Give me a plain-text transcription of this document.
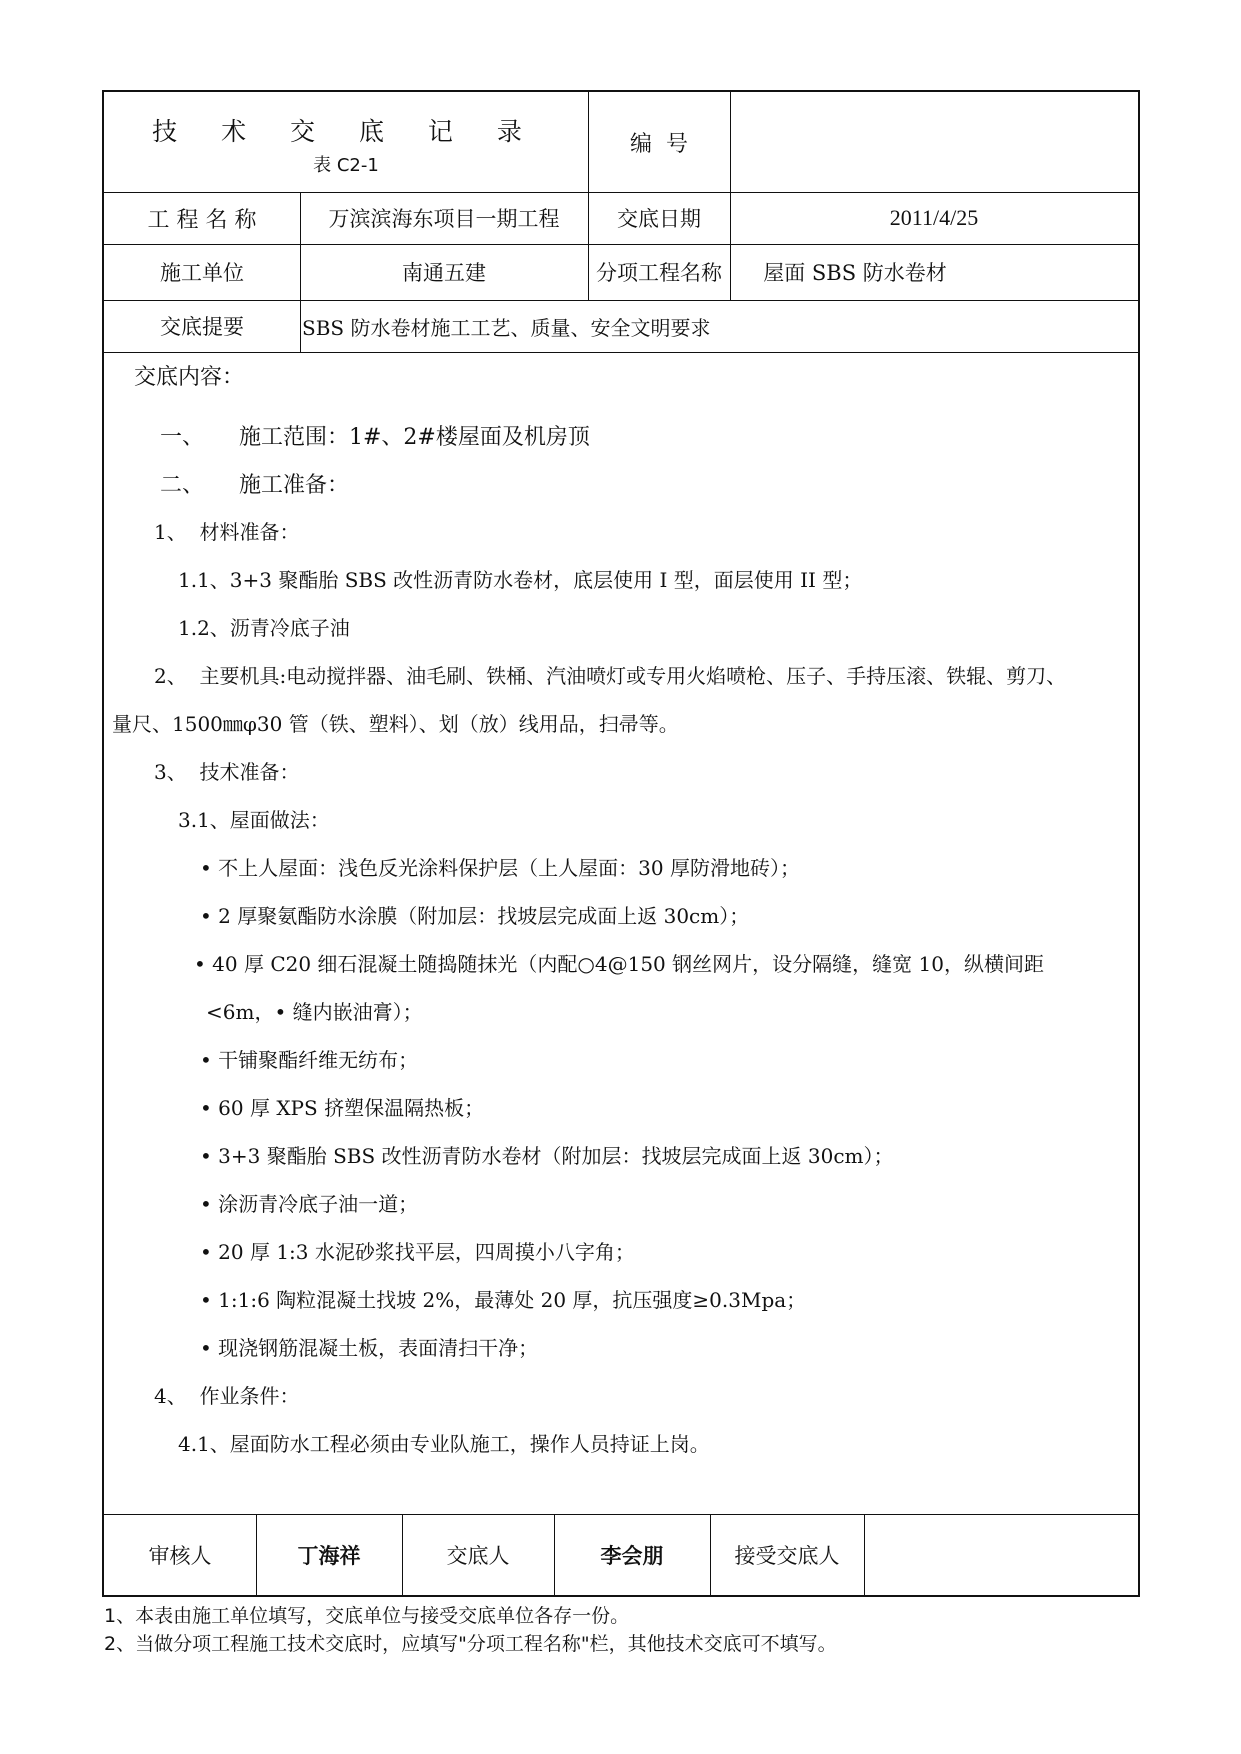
技 术 交 底 记 录
表 C2-1
编  号
工 程 名 称	万滨滨海东项目一期工程	交底日期	2011/4/25
施工单位	南通五建	分项工程名称	屋面 SBS 防水卷材
交底提要	SBS 防水卷材施工工艺、质量、安全文明要求
交底内容：
一、     施工范围：1#、2#楼屋面及机房顶
二、     施工准备：
1、  材料准备：
1.1、3+3 聚酯胎 SBS 改性沥青防水卷材，底层使用 I 型，面层使用 II 型；
1.2、沥青冷底子油
2、  主要机具:电动搅拌器、油毛刷、铁桶、汽油喷灯或专用火焰喷枪、压子、手持压滚、铁辊、剪刀、
量尺、1500㎜φ30 管（铁、塑料）、划（放）线用品，扫帚等。
3、  技术准备：
3.1、屋面做法：
• 不上人屋面：浅色反光涂料保护层（上人屋面：30 厚防滑地砖）；
• 2 厚聚氨酯防水涂膜（附加层：找坡层完成面上返 30cm）；
• 40 厚 C20 细石混凝土随捣随抹光（内配○4@150 钢丝网片，设分隔缝，缝宽 10，纵横间距
<6m，• 缝内嵌油膏）；
• 干铺聚酯纤维无纺布；
• 60 厚 XPS 挤塑保温隔热板；
• 3+3 聚酯胎 SBS 改性沥青防水卷材（附加层：找坡层完成面上返 30cm）；
• 涂沥青冷底子油一道；
• 20 厚 1:3 水泥砂浆找平层，四周摸小八字角；
• 1:1:6 陶粒混凝土找坡 2%，最薄处 20 厚，抗压强度≥0.3Mpa；
• 现浇钢筋混凝土板，表面清扫干净；
4、  作业条件：
4.1、屋面防水工程必须由专业队施工，操作人员持证上岗。
审核人	丁海祥	交底人	李会朋	接受交底人
1、本表由施工单位填写，交底单位与接受交底单位各存一份。
2、当做分项工程施工技术交底时，应填写"分项工程名称"栏，其他技术交底可不填写。
